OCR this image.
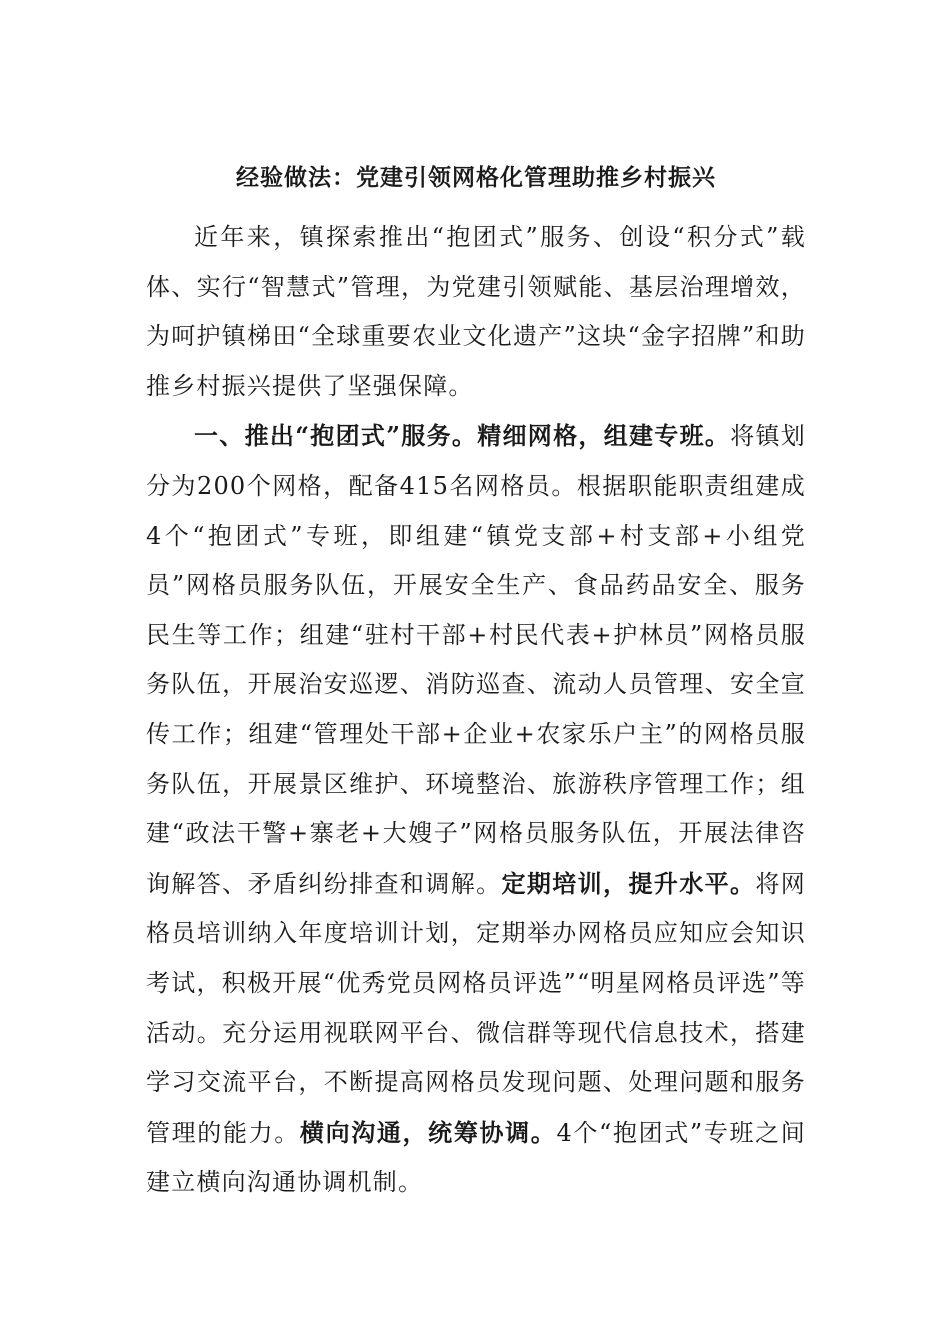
经验做法：党建引领网格化管理助推乡村振兴

近年来，镇探索推出“抱团式”服务、创设“积分式”载体、实行“智慧式”管理，为党建引领赋能、基层治理增效，为呵护镇梯田“全球重要农业文化遗产”这块“金字招牌”和助推乡村振兴提供了坚强保障。

一、推出“抱团式”服务。精细网格，组建专班。将镇划分为200个网格，配备415名网格员。根据职能职责组建成4个“抱团式”专班，即组建“镇党支部+村支部+小组党员”网格员服务队伍，开展安全生产、食品药品安全、服务民生等工作；组建“驻村干部+村民代表+护林员”网格员服务队伍，开展治安巡逻、消防巡查、流动人员管理、安全宣传工作；组建“管理处干部+企业+农家乐户主”的网格员服务队伍，开展景区维护、环境整治、旅游秩序管理工作；组建“政法干警+寨老+大嫂子”网格员服务队伍，开展法律咨询解答、矛盾纠纷排查和调解。定期培训，提升水平。将网格员培训纳入年度培训计划，定期举办网格员应知应会知识考试，积极开展“优秀党员网格员评选”“明星网格员评选”等活动。充分运用视联网平台、微信群等现代信息技术，搭建学习交流平台，不断提高网格员发现问题、处理问题和服务管理的能力。横向沟通，统筹协调。4个“抱团式”专班之间建立横向沟通协调机制。
